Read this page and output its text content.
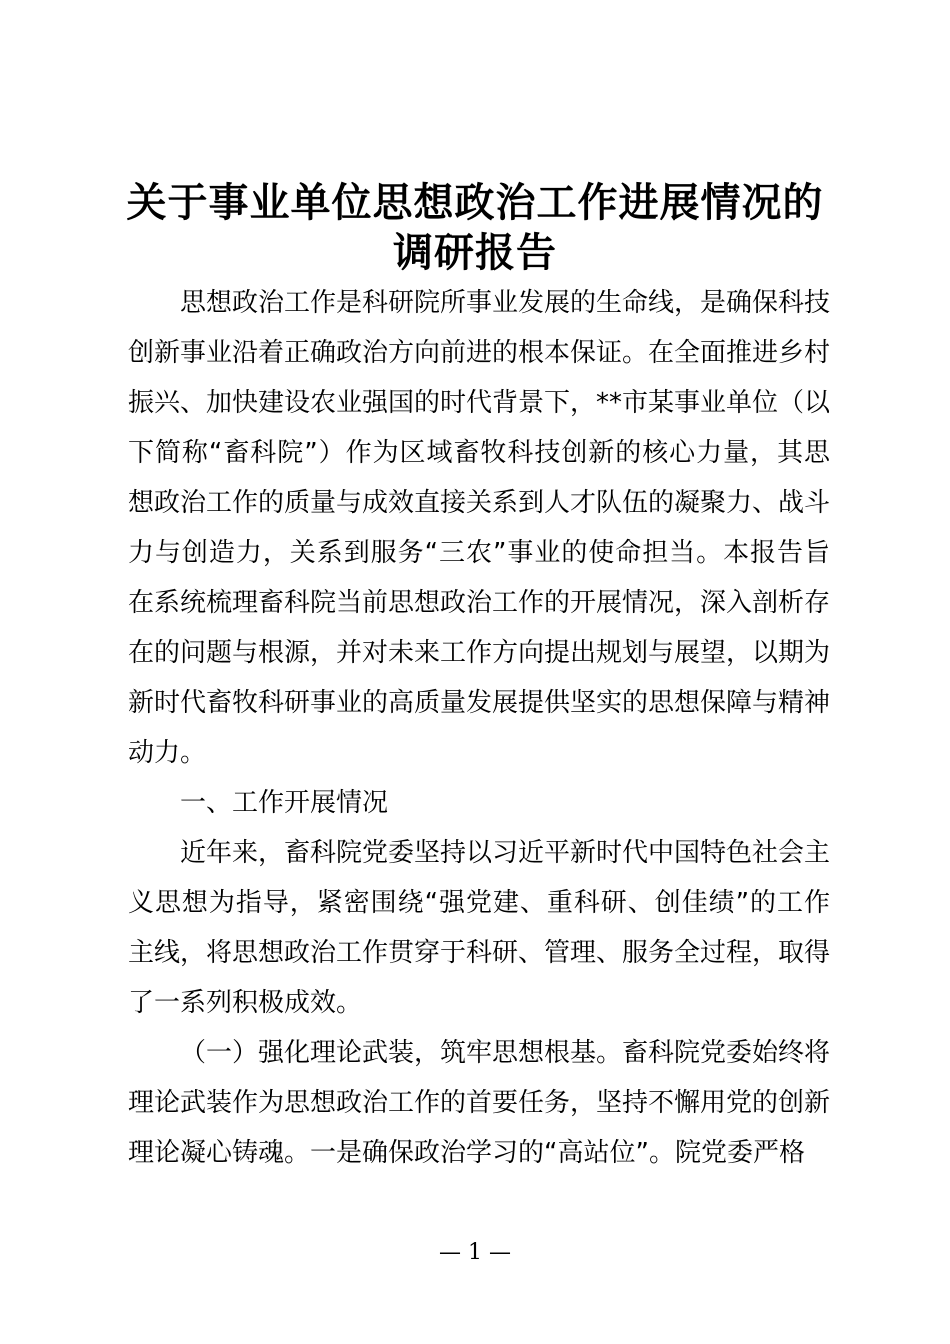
关于事业单位思想政治工作进展情况的
调研报告

思想政治工作是科研院所事业发展的生命线，是确保科技创新事业沿着正确政治方向前进的根本保证。在全面推进乡村振兴、加快建设农业强国的时代背景下，**市某事业单位（以下简称“畜科院”）作为区域畜牧科技创新的核心力量，其思想政治工作的质量与成效直接关系到人才队伍的凝聚力、战斗力与创造力，关系到服务“三农”事业的使命担当。本报告旨在系统梳理畜科院当前思想政治工作的开展情况，深入剖析存在的问题与根源，并对未来工作方向提出规划与展望，以期为新时代畜牧科研事业的高质量发展提供坚实的思想保障与精神动力。

一、工作开展情况

近年来，畜科院党委坚持以习近平新时代中国特色社会主义思想为指导，紧密围绕“强党建、重科研、创佳绩”的工作主线，将思想政治工作贯穿于科研、管理、服务全过程，取得了一系列积极成效。

（一）强化理论武装，筑牢思想根基。畜科院党委始终将理论武装作为思想政治工作的首要任务，坚持不懈用党的创新理论凝心铸魂。一是确保政治学习的“高站位”。院党委严格

— 1 —
